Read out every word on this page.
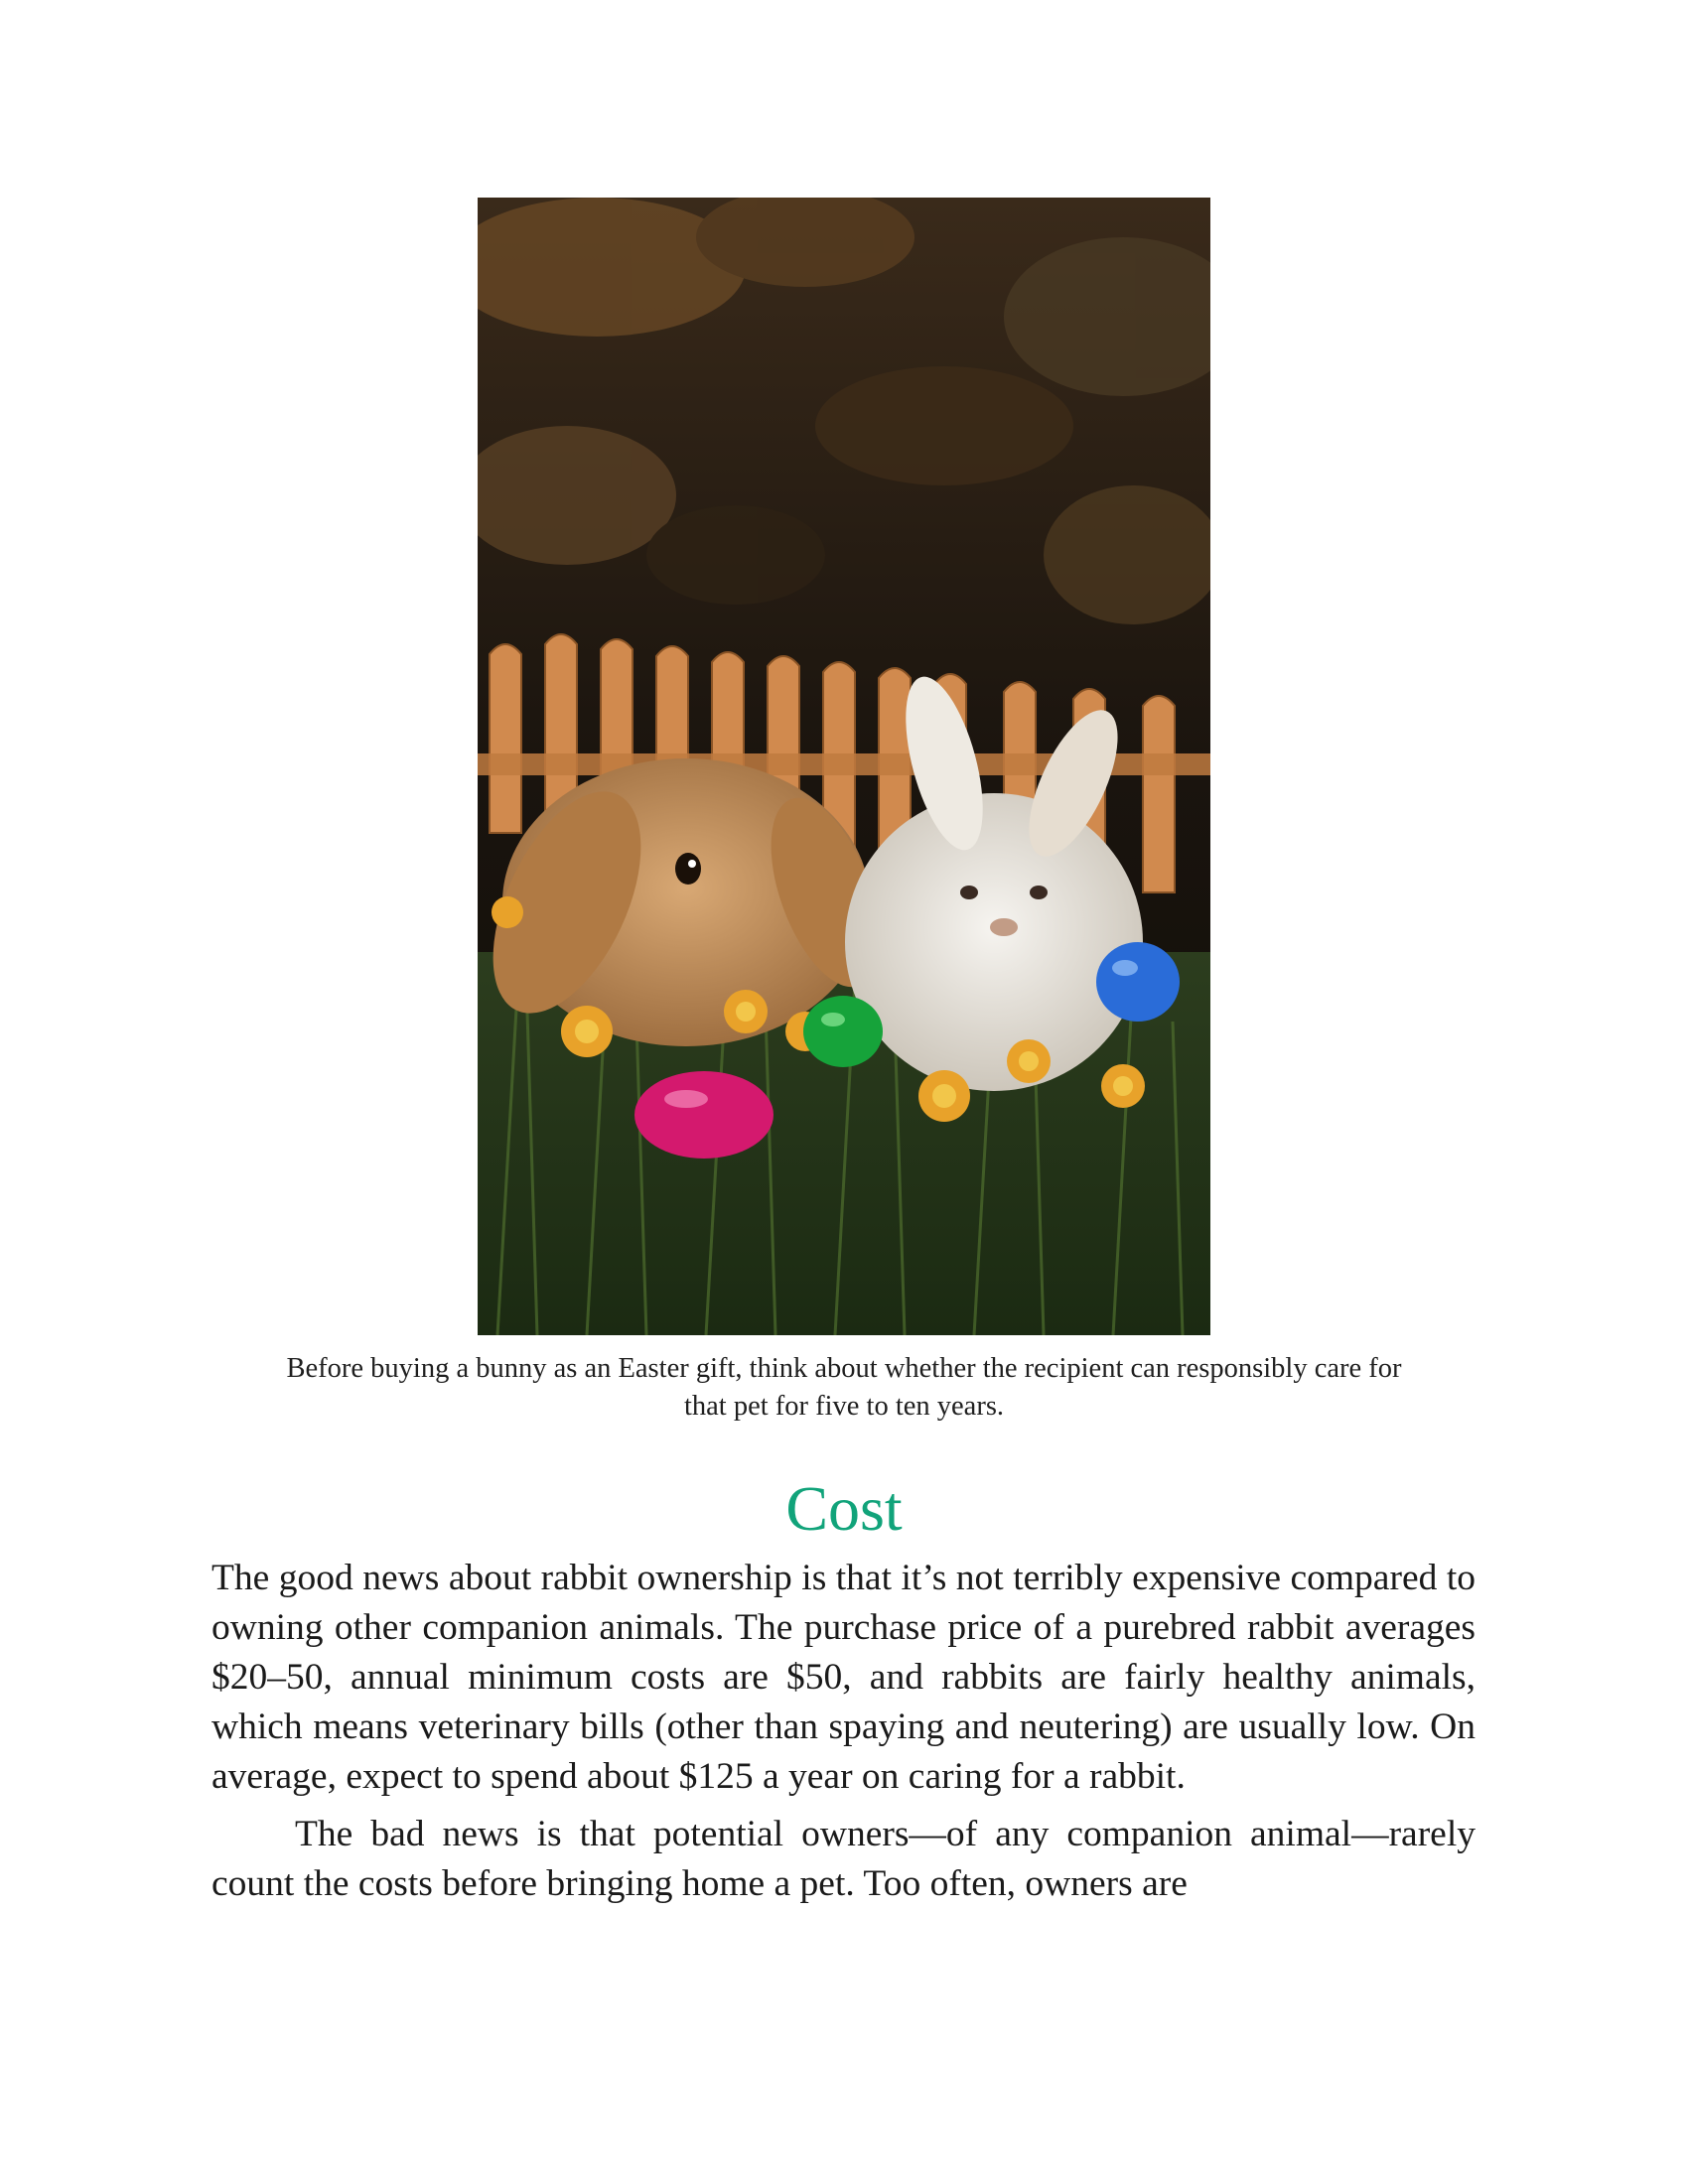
Before buying a bunny as an Easter gift, think about whether the recipient can responsibly care for

that pet for five to ten years.

Cost

The good news about rabbit ownership is that it’s not terribly expensive compared to owning other companion animals. The purchase price of a purebred rabbit averages $20–50, annual minimum costs are $50, and rabbits are fairly healthy animals, which means veterinary bills (other than spaying and neutering) are usually low. On average, expect to spend about $125 a year on caring for a rabbit.

The bad news is that potential owners—of any companion animal—rarely count the costs before bringing home a pet. Too often, owners are
